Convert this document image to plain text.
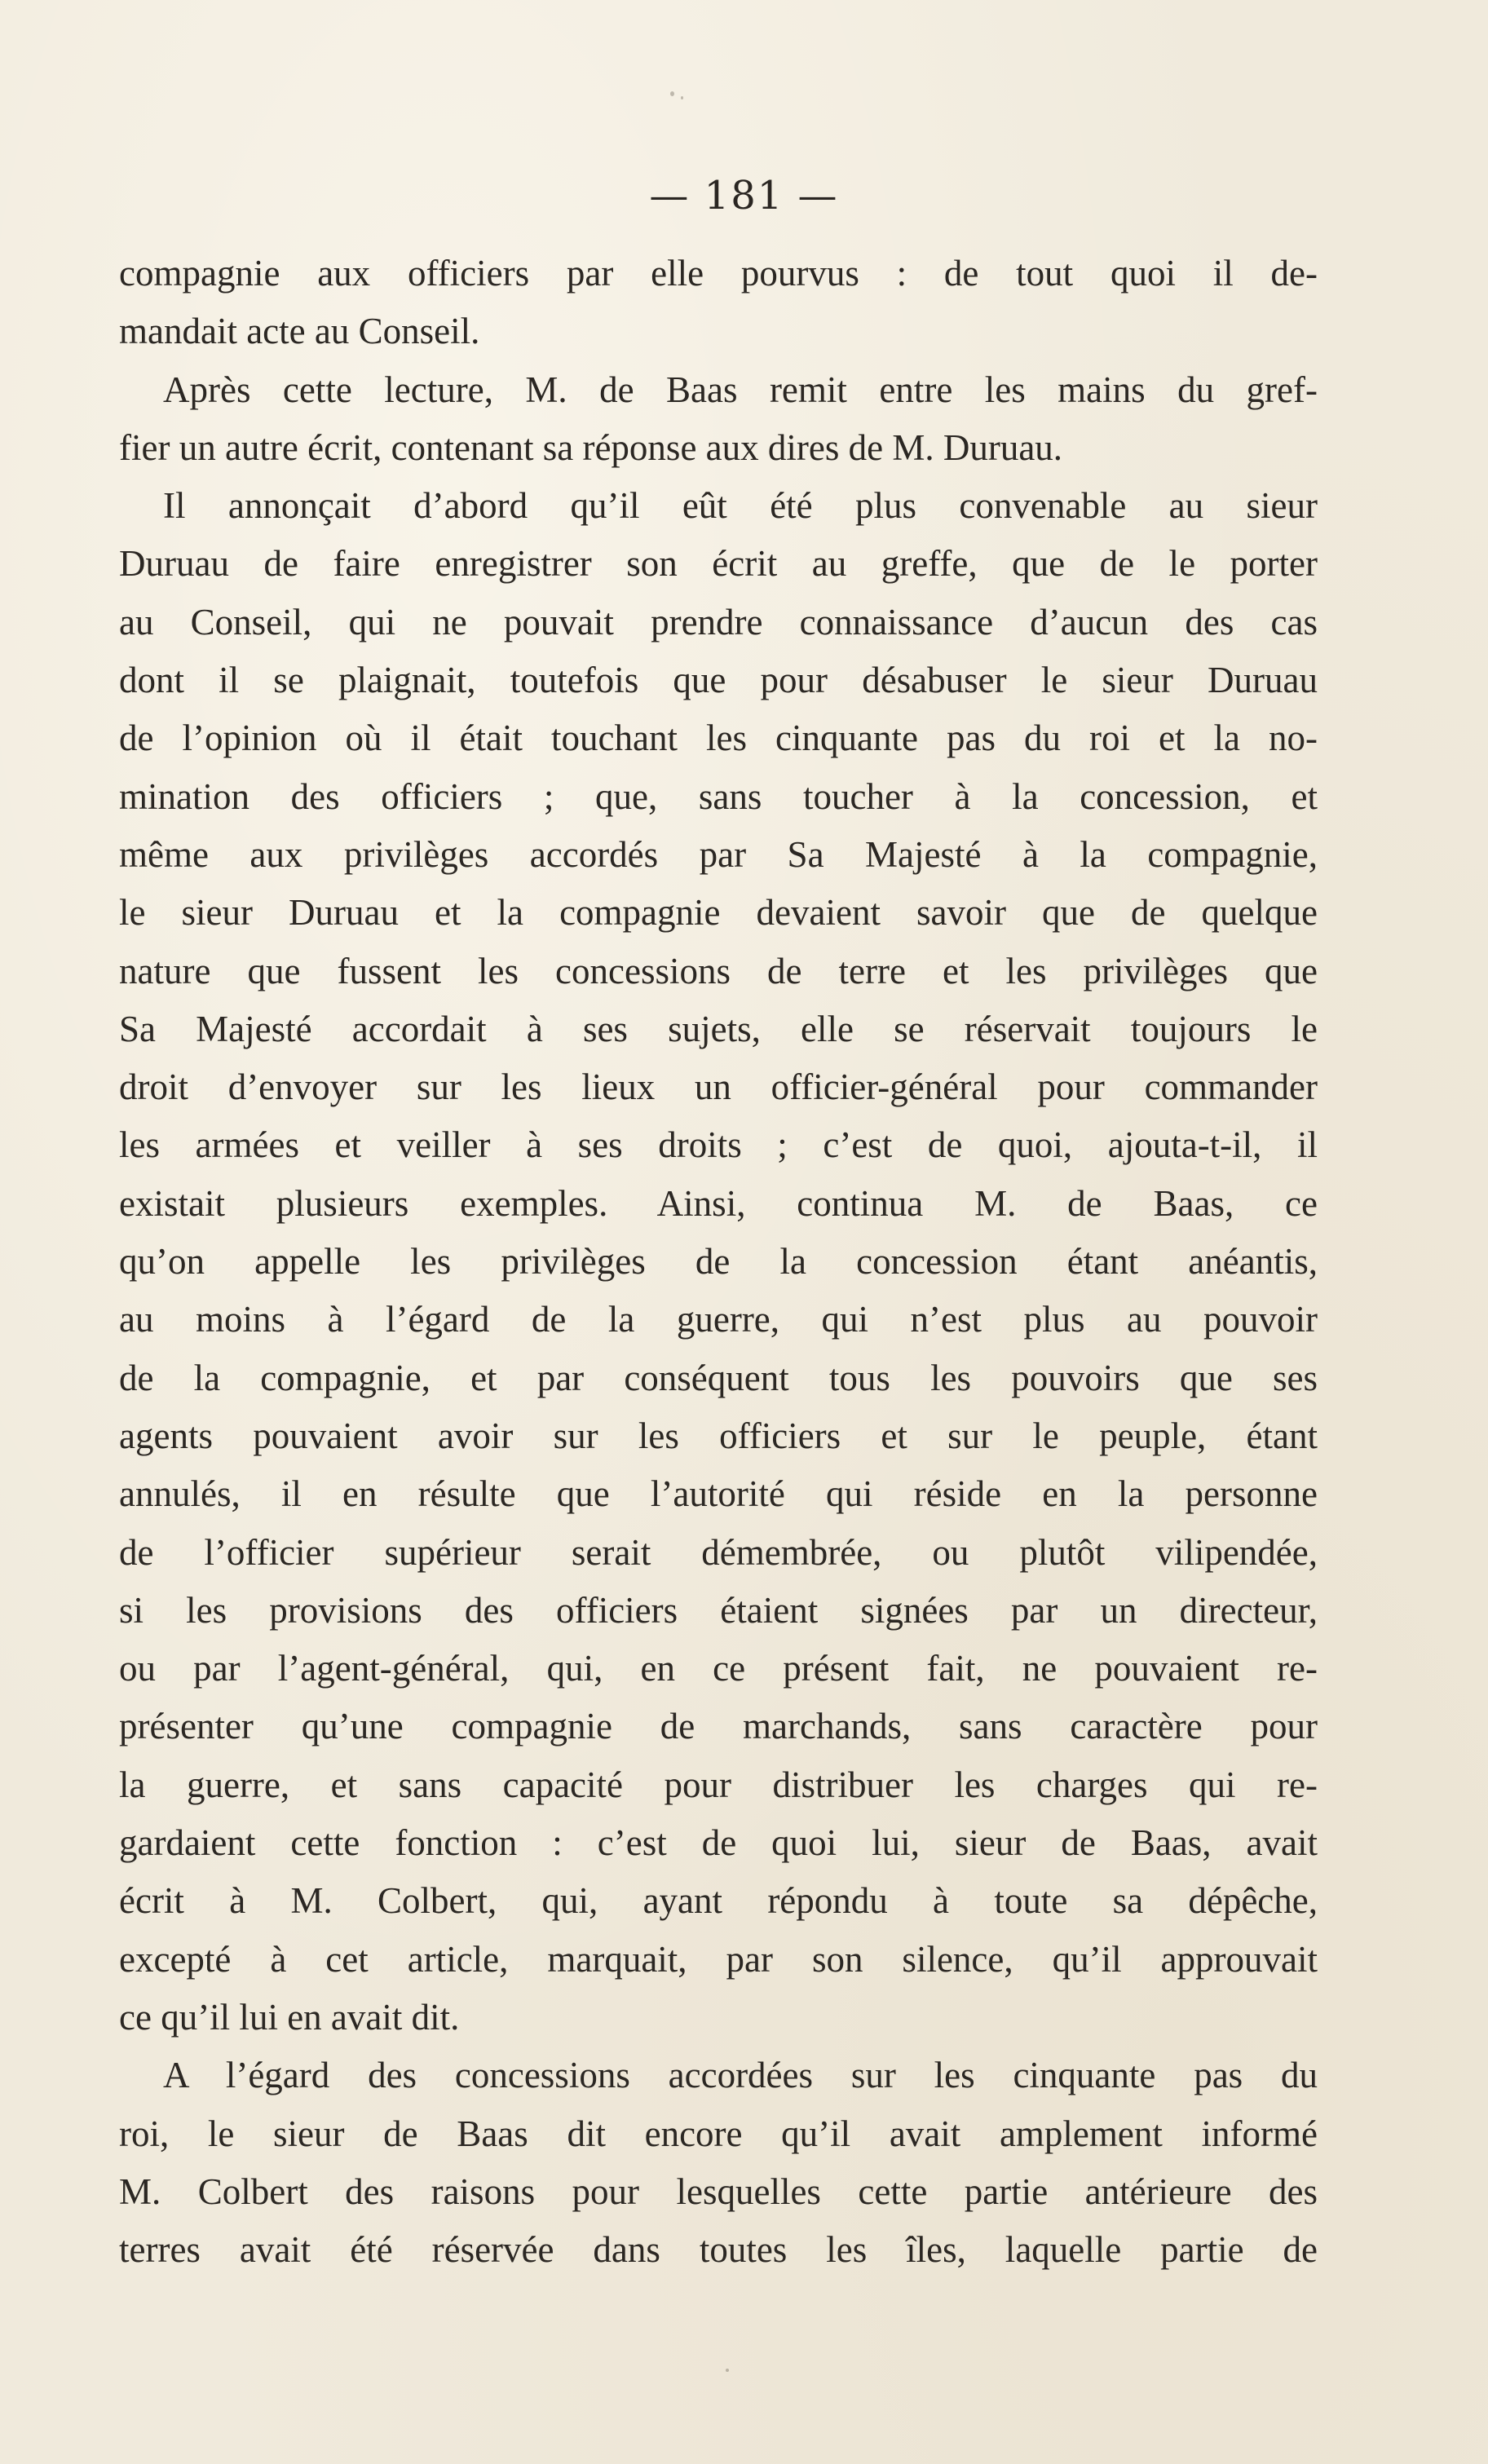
— 181 —
compagnie aux officiers par elle pourvus : de tout quoi il de-
mandait acte au Conseil.
Après cette lecture, M. de Baas remit entre les mains du gref-
fier un autre écrit, contenant sa réponse aux dires de M. Duruau.
Il annonçait d’abord qu’il eût été plus convenable au sieur
Duruau de faire enregistrer son écrit au greffe, que de le porter
au Conseil, qui ne pouvait prendre connaissance d’aucun des cas
dont il se plaignait, toutefois que pour désabuser le sieur Duruau
de l’opinion où il était touchant les cinquante pas du roi et la no-
mination des officiers ; que, sans toucher à la concession, et
même aux privilèges accordés par Sa Majesté à la compagnie,
le sieur Duruau et la compagnie devaient savoir que de quelque
nature que fussent les concessions de terre et les privilèges que
Sa Majesté accordait à ses sujets, elle se réservait toujours le
droit d’envoyer sur les lieux un officier-général pour commander
les armées et veiller à ses droits ; c’est de quoi, ajouta-t-il, il
existait plusieurs exemples. Ainsi, continua M. de Baas, ce
qu’on appelle les privilèges de la concession étant anéantis,
au moins à l’égard de la guerre, qui n’est plus au pouvoir
de la compagnie, et par conséquent tous les pouvoirs que ses
agents pouvaient avoir sur les officiers et sur le peuple, étant
annulés, il en résulte que l’autorité qui réside en la personne
de l’officier supérieur serait démembrée, ou plutôt vilipendée,
si les provisions des officiers étaient signées par un directeur,
ou par l’agent-général, qui, en ce présent fait, ne pouvaient re-
présenter qu’une compagnie de marchands, sans caractère pour
la guerre, et sans capacité pour distribuer les charges qui re-
gardaient cette fonction : c’est de quoi lui, sieur de Baas, avait
écrit à M. Colbert, qui, ayant répondu à toute sa dépêche,
excepté à cet article, marquait, par son silence, qu’il approuvait
ce qu’il lui en avait dit.
A l’égard des concessions accordées sur les cinquante pas du
roi, le sieur de Baas dit encore qu’il avait amplement informé
M. Colbert des raisons pour lesquelles cette partie antérieure des
terres avait été réservée dans toutes les îles, laquelle partie de
